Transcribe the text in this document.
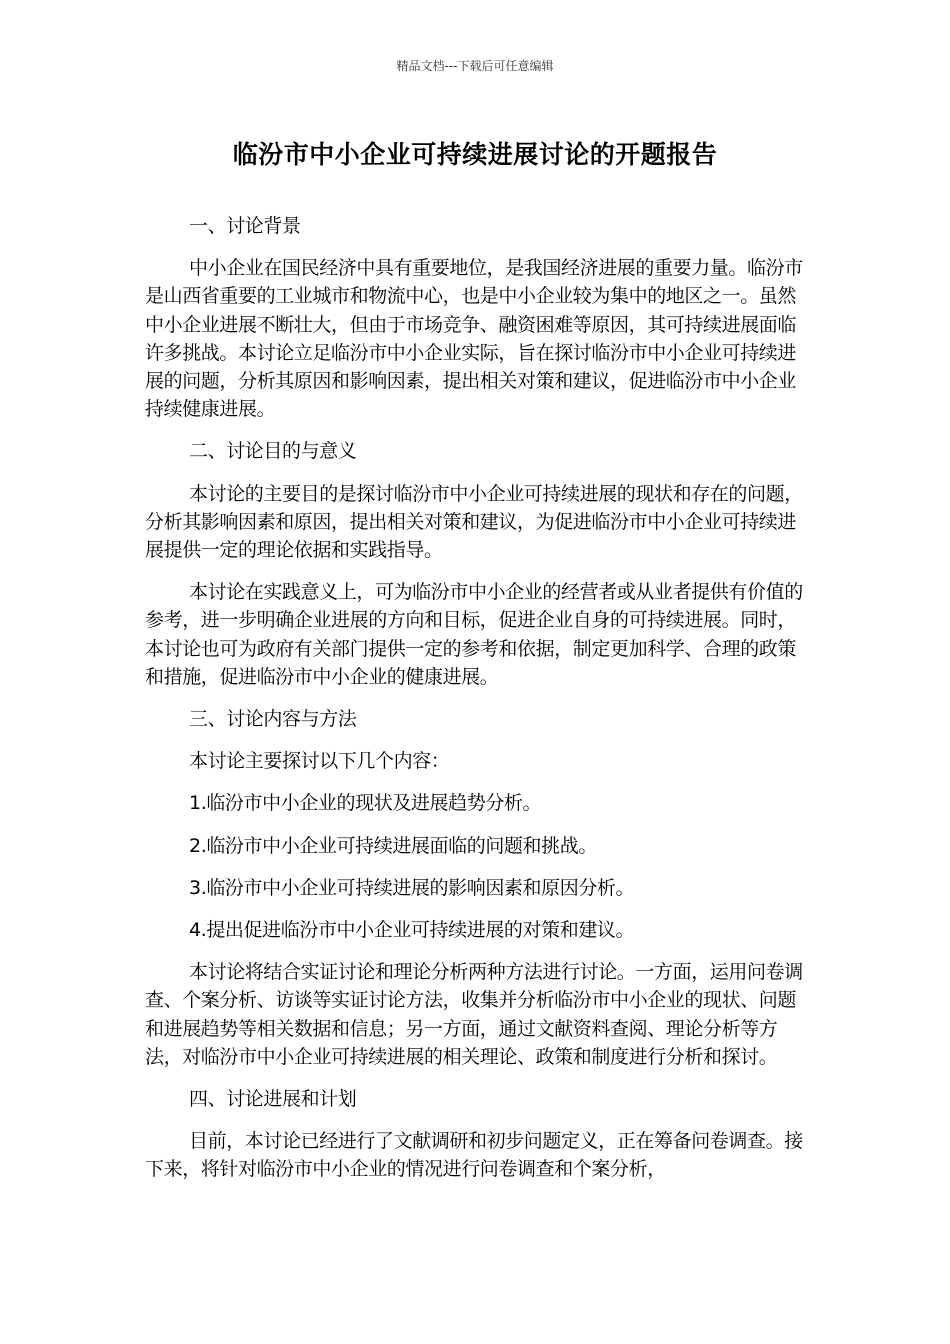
精品文档---下载后可任意编辑
临汾市中小企业可持续进展讨论的开题报告

一、讨论背景

中小企业在国民经济中具有重要地位，是我国经济进展的重要力量。临汾市是山西省重要的工业城市和物流中心，也是中小企业较为集中的地区之一。虽然中小企业进展不断壮大，但由于市场竞争、融资困难等原因，其可持续进展面临许多挑战。本讨论立足临汾市中小企业实际，旨在探讨临汾市中小企业可持续进展的问题，分析其原因和影响因素，提出相关对策和建议，促进临汾市中小企业持续健康进展。

二、讨论目的与意义

本讨论的主要目的是探讨临汾市中小企业可持续进展的现状和存在的问题，分析其影响因素和原因，提出相关对策和建议，为促进临汾市中小企业可持续进展提供一定的理论依据和实践指导。

本讨论在实践意义上，可为临汾市中小企业的经营者或从业者提供有价值的参考，进一步明确企业进展的方向和目标，促进企业自身的可持续进展。同时，本讨论也可为政府有关部门提供一定的参考和依据，制定更加科学、合理的政策和措施，促进临汾市中小企业的健康进展。

三、讨论内容与方法

本讨论主要探讨以下几个内容：

1.临汾市中小企业的现状及进展趋势分析。

2.临汾市中小企业可持续进展面临的问题和挑战。

3.临汾市中小企业可持续进展的影响因素和原因分析。

4.提出促进临汾市中小企业可持续进展的对策和建议。

本讨论将结合实证讨论和理论分析两种方法进行讨论。一方面，运用问卷调查、个案分析、访谈等实证讨论方法，收集并分析临汾市中小企业的现状、问题和进展趋势等相关数据和信息；另一方面，通过文献资料查阅、理论分析等方法，对临汾市中小企业可持续进展的相关理论、政策和制度进行分析和探讨。

四、讨论进展和计划

目前，本讨论已经进行了文献调研和初步问题定义，正在筹备问卷调查。接下来，将针对临汾市中小企业的情况进行问卷调查和个案分析，
